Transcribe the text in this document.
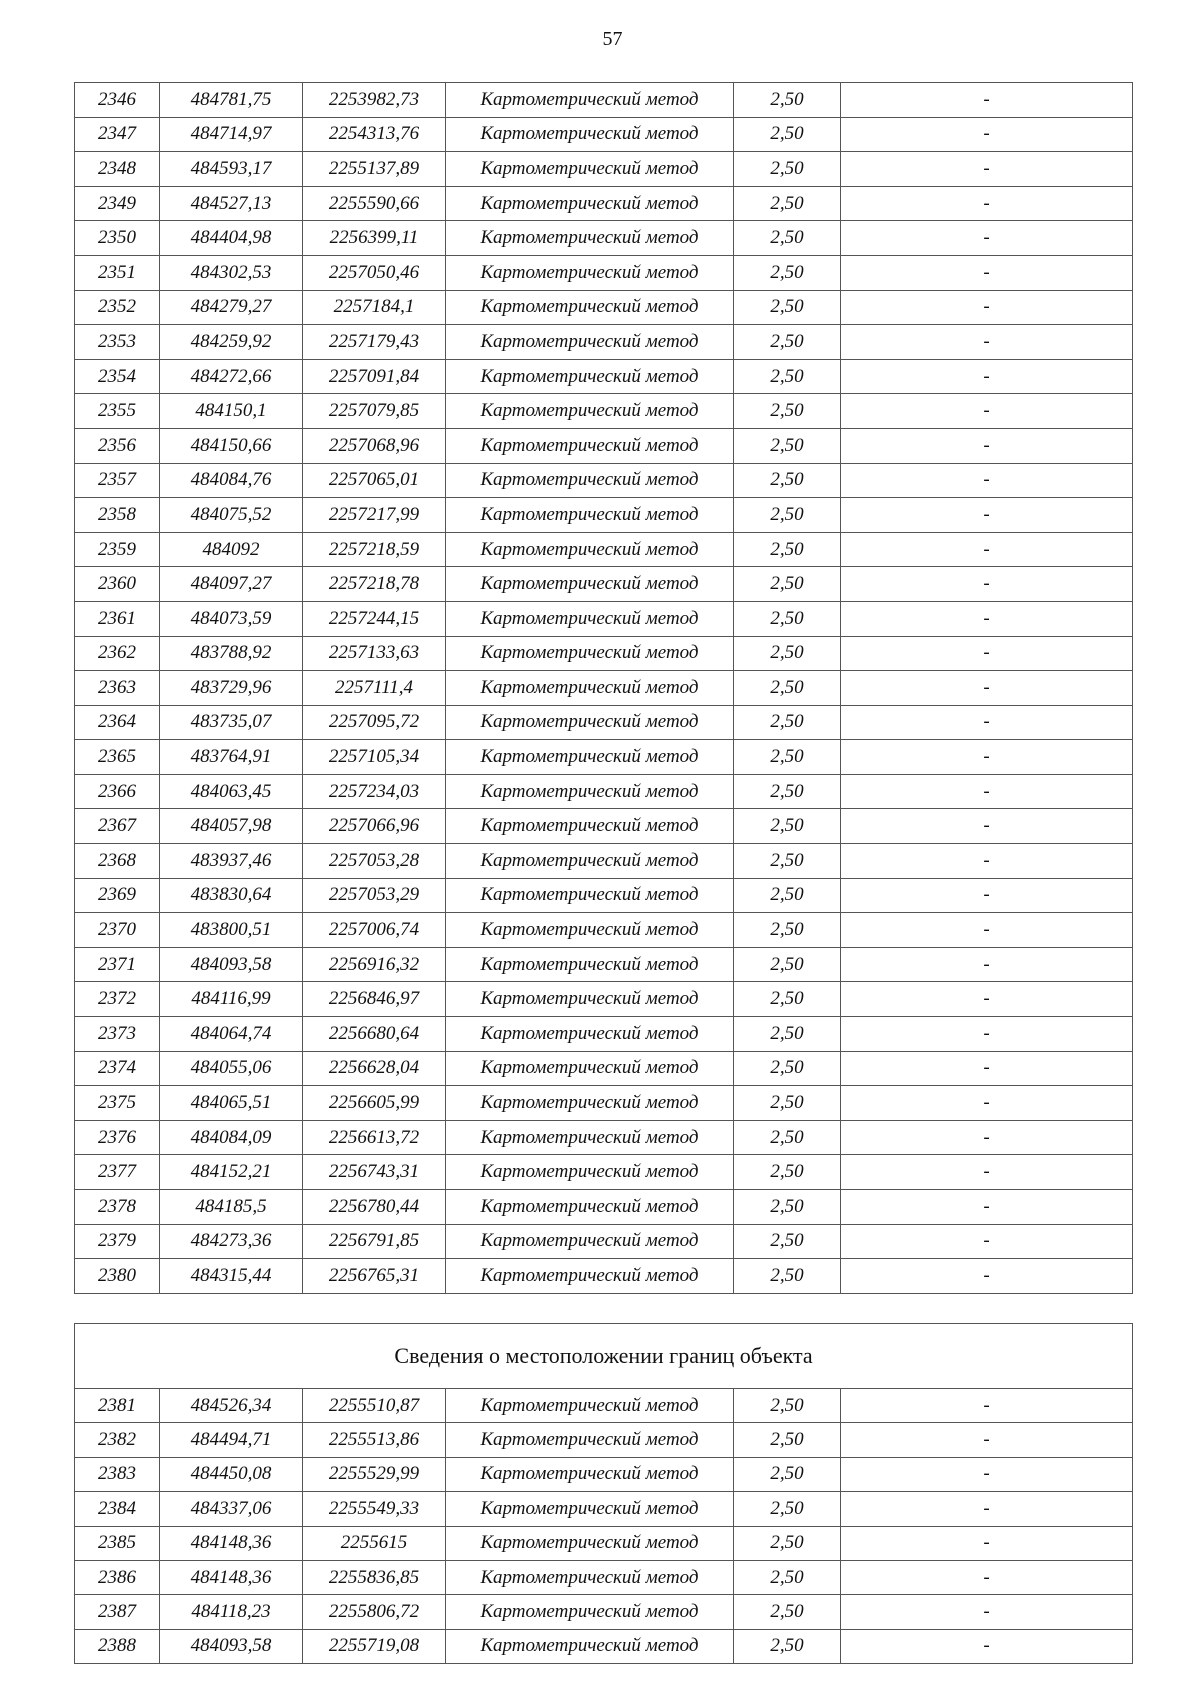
57
2346	484781,75	2253982,73	Картометрический метод	2,50	-
2347	484714,97	2254313,76	Картометрический метод	2,50	-
2348	484593,17	2255137,89	Картометрический метод	2,50	-
2349	484527,13	2255590,66	Картометрический метод	2,50	-
2350	484404,98	2256399,11	Картометрический метод	2,50	-
2351	484302,53	2257050,46	Картометрический метод	2,50	-
2352	484279,27	2257184,1	Картометрический метод	2,50	-
2353	484259,92	2257179,43	Картометрический метод	2,50	-
2354	484272,66	2257091,84	Картометрический метод	2,50	-
2355	484150,1	2257079,85	Картометрический метод	2,50	-
2356	484150,66	2257068,96	Картометрический метод	2,50	-
2357	484084,76	2257065,01	Картометрический метод	2,50	-
2358	484075,52	2257217,99	Картометрический метод	2,50	-
2359	484092	2257218,59	Картометрический метод	2,50	-
2360	484097,27	2257218,78	Картометрический метод	2,50	-
2361	484073,59	2257244,15	Картометрический метод	2,50	-
2362	483788,92	2257133,63	Картометрический метод	2,50	-
2363	483729,96	2257111,4	Картометрический метод	2,50	-
2364	483735,07	2257095,72	Картометрический метод	2,50	-
2365	483764,91	2257105,34	Картометрический метод	2,50	-
2366	484063,45	2257234,03	Картометрический метод	2,50	-
2367	484057,98	2257066,96	Картометрический метод	2,50	-
2368	483937,46	2257053,28	Картометрический метод	2,50	-
2369	483830,64	2257053,29	Картометрический метод	2,50	-
2370	483800,51	2257006,74	Картометрический метод	2,50	-
2371	484093,58	2256916,32	Картометрический метод	2,50	-
2372	484116,99	2256846,97	Картометрический метод	2,50	-
2373	484064,74	2256680,64	Картометрический метод	2,50	-
2374	484055,06	2256628,04	Картометрический метод	2,50	-
2375	484065,51	2256605,99	Картометрический метод	2,50	-
2376	484084,09	2256613,72	Картометрический метод	2,50	-
2377	484152,21	2256743,31	Картометрический метод	2,50	-
2378	484185,5	2256780,44	Картометрический метод	2,50	-
2379	484273,36	2256791,85	Картометрический метод	2,50	-
2380	484315,44	2256765,31	Картометрический метод	2,50	-
Сведения о местоположении границ объекта					
2381	484526,34	2255510,87	Картометрический метод	2,50	-
2382	484494,71	2255513,86	Картометрический метод	2,50	-
2383	484450,08	2255529,99	Картометрический метод	2,50	-
2384	484337,06	2255549,33	Картометрический метод	2,50	-
2385	484148,36	2255615	Картометрический метод	2,50	-
2386	484148,36	2255836,85	Картометрический метод	2,50	-
2387	484118,23	2255806,72	Картометрический метод	2,50	-
2388	484093,58	2255719,08	Картометрический метод	2,50	-
